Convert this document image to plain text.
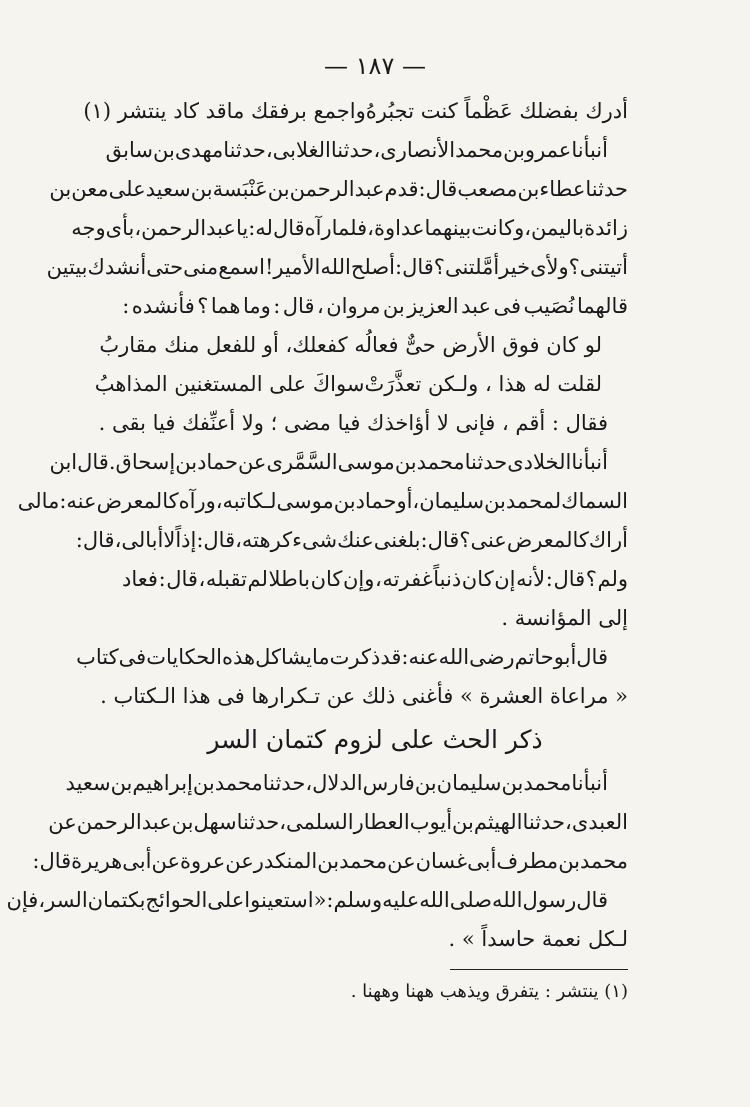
— ١٨٧ —
أدرك بفضلك عَظْماً كنت تجبُرهُ
واجمع برفقك ماقد كاد ينتشر (١)
أنبأنا
عمرو
بن
محمد
الأنصارى
،
حدثنا
الغلابى
،
حدثنا
مهدى
بن
سابق
حدثنا
عطاء
بن
مصعب
قال
:
قدم
عبد
الرحمن
بن
عَنْبَسة
بن
سعيد
على
معن
بن
زائدة
باليمن
،
وكانت
بينهما
عداوة
،
فلما
رآه
قال
له
:
ياعبد
الرحمن
،
بأى
وجه
أتيتنى
؟
ولأى
خير
أمَّلتنى
؟
قال
:
أصلح
الله
الأمير
!
اسمع
منى
حتى
أنشدك
بيتين
قالهما
نُصَيب
فى
عبد
العزيز
بن
مروان
،
قال
:
وما
هما
؟
فأنشده
:
لو كان فوق الأرض حىٌّ فعالُه كفعلك
، أو للفعل منك مقاربُ
لقلت له هذا ، ولـكن تعذَّرَتْ
سواكَ على المستغنين المذاهبُ
فقال : أقم ، فإنى لا أؤاخذك فيا مضى ؛ ولا أعنِّفك فيا بقى .
أنبأنا
الخلادى
حدثنا
محمد
بن
موسى
السَّمَّرى
عن
حماد
بن
إسحاق
.
قال
ابن
السماك
لمحمد
بن
سليمان
،
أو
حماد
بن
موسى
لـكاتبه
،
ورآه
كالمعرض
عنه
:
مالى
أراك
كالمعرض
عنى
؟
قال
:
بلغنى
عنك
شىء
كرهته
،
قال
:
إذاً
لا
أبالى
،
قال
:
ولم
؟
قال
:
لأنه
إن
كان
ذنباً
غفرته
،
وإن
كان
باطلا
لم
تقبله
،
قال
:
فعاد
إلى المؤانسة .
قال
أبو
حاتم
رضى
الله
عنه
:
قد
ذكرت
مايشا
كل
هذه
الحكايات
فى
كتاب
« مراعاة العشرة » فأغنى ذلك عن تـكرارها فى هذا الـكتاب .
ذكر الحث على لزوم كتمان السر
أنبأنا
محمد
بن
سليمان
بن
فارس
الدلال
،
حدثنا
محمد
بن
إبراهيم
بن
سعيد
العبدى
،
حدثنا
الهيثم
بن
أيوب
العطار
السلمى
،
حدثنا
سهل
بن
عبد
الرحمن
عن
محمد
بن
مطرف
أبى
غسان
عن
محمد
بن
المنكدر
عن
عروة
عن
أبى
هريرة
قال
:
قال
رسول
الله
صلى
الله
عليه
وسلم
:
«
استعينوا
على
الحوائج
بكتمان
السر
،
فإن
لـكل نعمة حاسداً » .
(١) ينتشر : يتفرق ويذهب ههنا وههنا .
